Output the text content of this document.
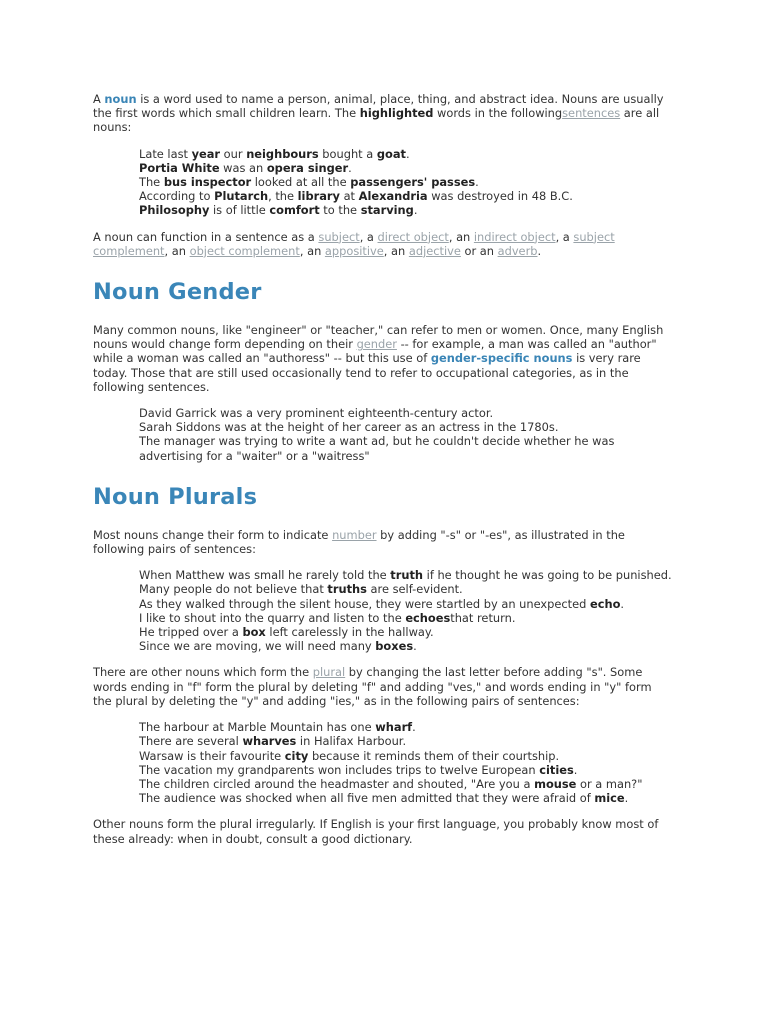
A noun is a word used to name a person, animal, place, thing, and abstract idea. Nouns are usually the first words which small children learn. The highlighted words in the followingsentences are all nouns:

Late last year our neighbours bought a goat.
Portia White was an opera singer.
The bus inspector looked at all the passengers' passes.
According to Plutarch, the library at Alexandria was destroyed in 48 B.C.
Philosophy is of little comfort to the starving.

A noun can function in a sentence as a subject, a direct object, an indirect object, a subject complement, an object complement, an appositive, an adjective or an adverb.

Noun Gender

Many common nouns, like "engineer" or "teacher," can refer to men or women. Once, many English nouns would change form depending on their gender -- for example, a man was called an "author" while a woman was called an "authoress" -- but this use of gender-specific nouns is very rare today. Those that are still used occasionally tend to refer to occupational categories, as in the following sentences.

David Garrick was a very prominent eighteenth-century actor.
Sarah Siddons was at the height of her career as an actress in the 1780s.
The manager was trying to write a want ad, but he couldn't decide whether he was advertising for a "waiter" or a "waitress"
Noun Plurals

Most nouns change their form to indicate number by adding "-s" or "-es", as illustrated in the following pairs of sentences:

When Matthew was small he rarely told the truth if he thought he was going to be punished.
Many people do not believe that truths are self-evident.
As they walked through the silent house, they were startled by an unexpected echo.
I like to shout into the quarry and listen to the echoesthat return.
He tripped over a box left carelessly in the hallway.
Since we are moving, we will need many boxes.

There are other nouns which form the plural by changing the last letter before adding "s". Some words ending in "f" form the plural by deleting "f" and adding "ves," and words ending in "y" form the plural by deleting the "y" and adding "ies," as in the following pairs of sentences:

The harbour at Marble Mountain has one wharf.
There are several wharves in Halifax Harbour.
Warsaw is their favourite city because it reminds them of their courtship.
The vacation my grandparents won includes trips to twelve European cities.
The children circled around the headmaster and shouted, "Are you a mouse or a man?"
The audience was shocked when all five men admitted that they were afraid of mice.

Other nouns form the plural irregularly. If English is your first language, you probably know most of these already: when in doubt, consult a good dictionary.
